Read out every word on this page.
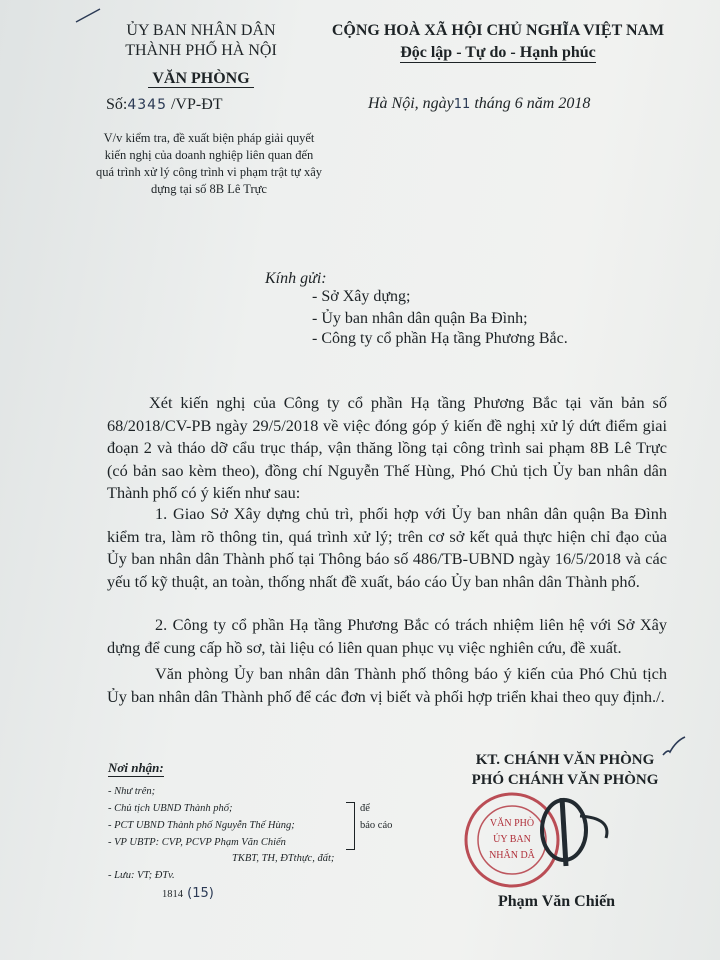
ỦY BAN NHÂN DÂN
THÀNH PHỐ HÀ NỘI
VĂN PHÒNG
Số:4345 /VP-ĐT
CỘNG HOÀ XÃ HỘI CHỦ NGHĨA VIỆT NAM
Độc lập - Tự do - Hạnh phúc
Hà Nội, ngày11 tháng 6 năm 2018
V/v kiểm tra, đề xuất biện pháp giải quyết kiến nghị của doanh nghiệp liên quan đến quá trình xử lý công trình vi phạm trật tự xây dựng tại số 8B Lê Trực
Kính gửi:
- Sở Xây dựng;
- Ủy ban nhân dân quận Ba Đình;
- Công ty cổ phần Hạ tầng Phương Bắc.
Xét kiến nghị của Công ty cổ phần Hạ tầng Phương Bắc tại văn bản số 68/2018/CV-PB ngày 29/5/2018 về việc đóng góp ý kiến đề nghị xử lý dứt điểm giai đoạn 2 và tháo dỡ cẩu trục tháp, vận thăng lồng tại công trình sai phạm 8B Lê Trực (có bản sao kèm theo), đồng chí Nguyễn Thế Hùng, Phó Chủ tịch Ủy ban nhân dân Thành phố có ý kiến như sau:
1. Giao Sở Xây dựng chủ trì, phối hợp với Ủy ban nhân dân quận Ba Đình kiểm tra, làm rõ thông tin, quá trình xử lý; trên cơ sở kết quả thực hiện chỉ đạo của Ủy ban nhân dân Thành phố tại Thông báo số 486/TB-UBND ngày 16/5/2018 và các yếu tố kỹ thuật, an toàn, thống nhất đề xuất, báo cáo Ủy ban nhân dân Thành phố.
2. Công ty cổ phần Hạ tầng Phương Bắc có trách nhiệm liên hệ với Sở Xây dựng để cung cấp hồ sơ, tài liệu có liên quan phục vụ việc nghiên cứu, đề xuất.
Văn phòng Ủy ban nhân dân Thành phố thông báo ý kiến của Phó Chủ tịch Ủy ban nhân dân Thành phố để các đơn vị biết và phối hợp triển khai theo quy định./.
Nơi nhận:
- Như trên;
- Chủ tịch UBND Thành phố;
- PCT UBND Thành phố Nguyễn Thế Hùng;
- VP UBTP: CVP, PCVP Phạm Văn Chiến
TKBT, TH, ĐTthực, đất;
- Lưu: VT; ĐTv.
để
báo cáo
1814 (15)
KT. CHÁNH VĂN PHÒNG
PHÓ CHÁNH VĂN PHÒNG
VĂN PHÒ
ỦY BAN
NHÂN DÂ
Phạm Văn Chiến
